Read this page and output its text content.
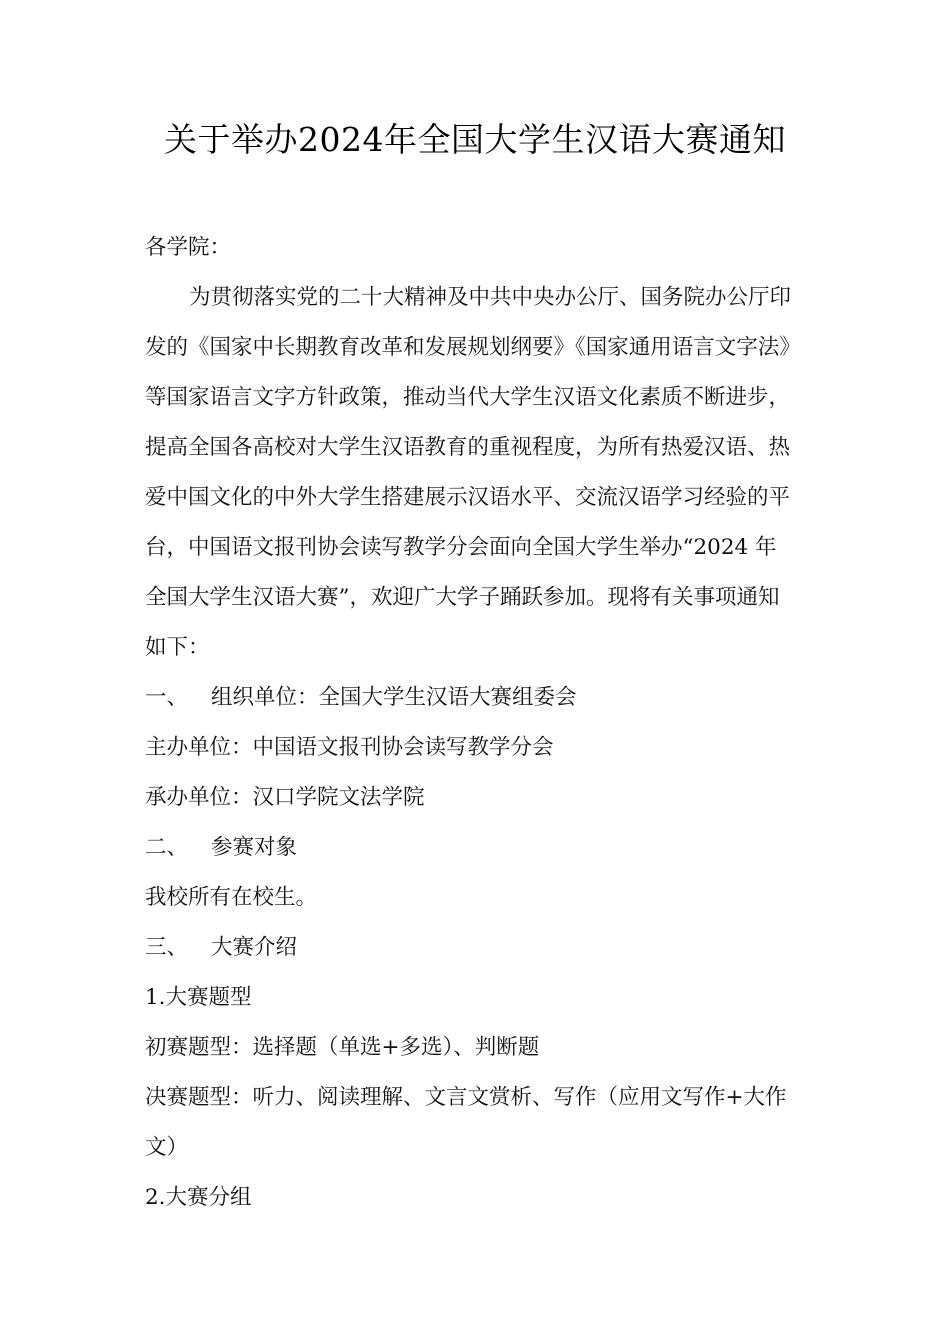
关于举办2024年全国大学生汉语大赛通知
各学院：
为贯彻落实党的二十大精神及中共中央办公厅、国务院办公厅印
发的《国家中长期教育改革和发展规划纲要》《国家通用语言文字法》
等国家语言文字方针政策，推动当代大学生汉语文化素质不断进步，
提高全国各高校对大学生汉语教育的重视程度，为所有热爱汉语、热
爱中国文化的中外大学生搭建展示汉语水平、交流汉语学习经验的平
台，中国语文报刊协会读写教学分会面向全国大学生举办“2024 年
全国大学生汉语大赛”，欢迎广大学子踊跃参加。现将有关事项通知
如下：
一、 组织单位：全国大学生汉语大赛组委会
主办单位：中国语文报刊协会读写教学分会
承办单位：汉口学院文法学院
二、 参赛对象
我校所有在校生。
三、 大赛介绍
1.大赛题型
初赛题型：选择题（单选+多选）、判断题
决赛题型：听力、阅读理解、文言文赏析、写作（应用文写作+大作
文）
2.大赛分组
